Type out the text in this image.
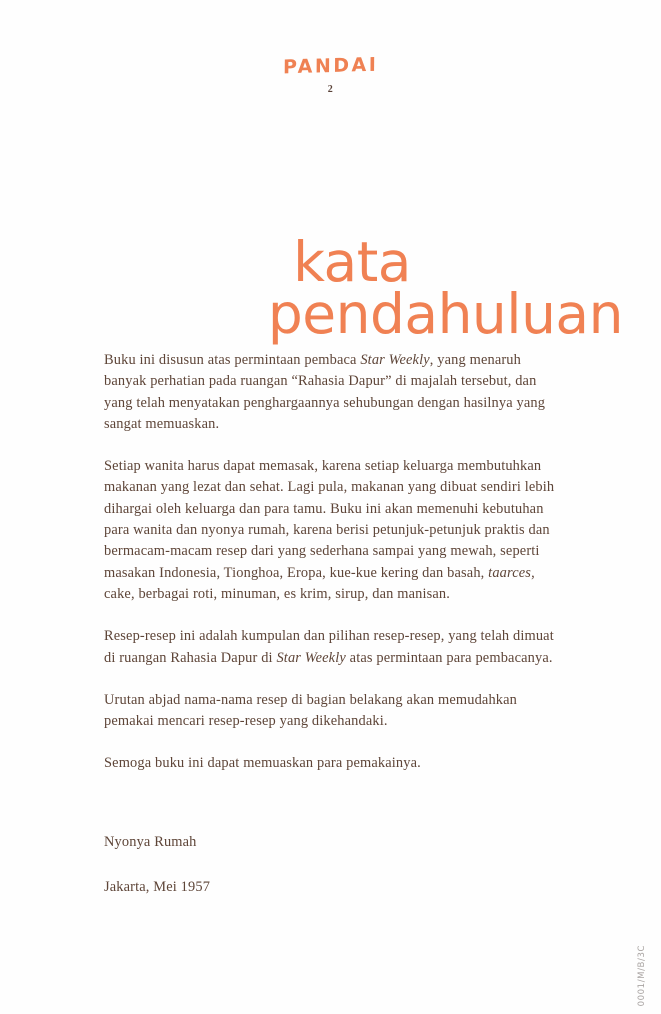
PANDAI
2
kata
pendahuluan

Buku ini disusun atas permintaan pembaca Star Weekly, yang menaruh banyak perhatian pada ruangan “Rahasia Dapur” di majalah tersebut, dan yang telah menyatakan penghargaannya sehubungan dengan hasilnya yang sangat memuaskan.

Setiap wanita harus dapat memasak, karena setiap keluarga membutuhkan makanan yang lezat dan sehat. Lagi pula, makanan yang dibuat sendiri lebih dihargai oleh keluarga dan para tamu. Buku ini akan memenuhi kebutuhan para wanita dan nyonya rumah, karena berisi petunjuk-petunjuk praktis dan bermacam-macam resep dari yang sederhana sampai yang mewah, seperti masakan Indonesia, Tionghoa, Eropa, kue-kue kering dan basah, taarces, cake, berbagai roti, minuman, es krim, sirup, dan manisan.

Resep-resep ini adalah kumpulan dan pilihan resep-resep, yang telah dimuat di ruangan Rahasia Dapur di Star Weekly atas permintaan para pembacanya.

Urutan abjad nama-nama resep di bagian belakang akan memudahkan pemakai mencari resep-resep yang dikehandaki.

Semoga buku ini dapat memuaskan para pemakainya.

Nyonya Rumah

Jakarta, Mei 1957

0001/M/B/3C
